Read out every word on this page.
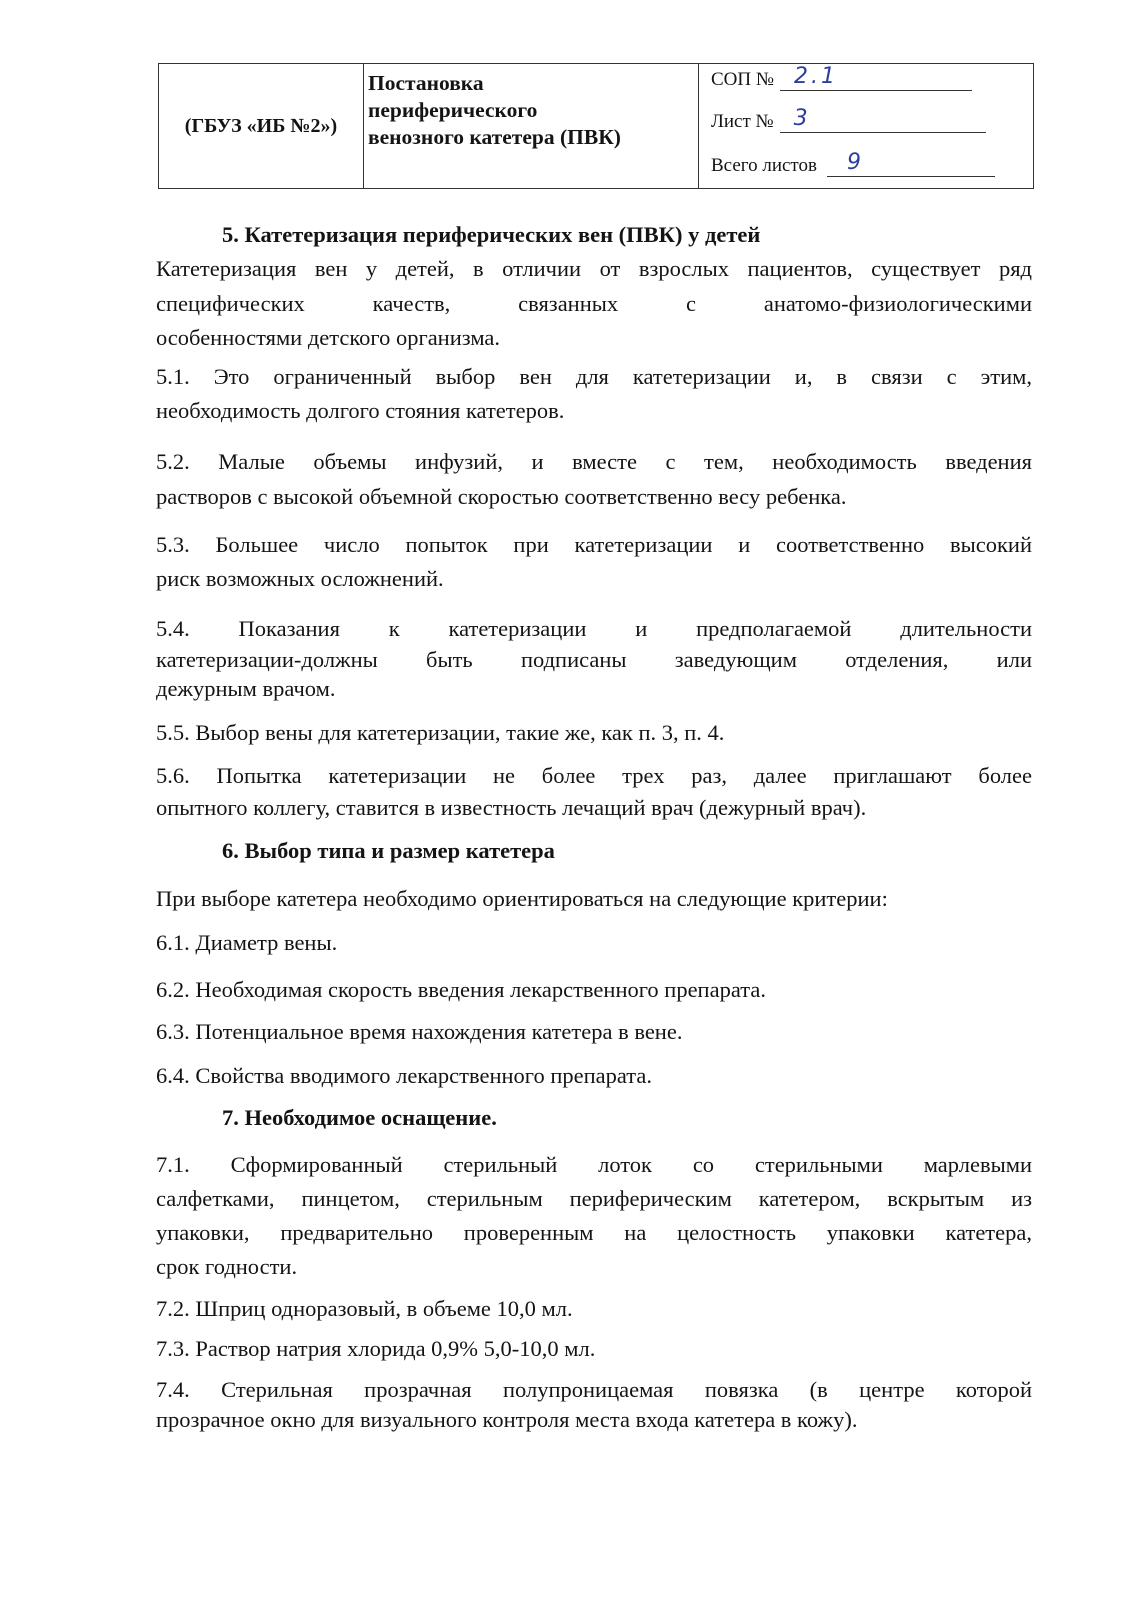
(ГБУЗ «ИБ №2»)
Постановка
периферического
венозного катетера (ПВК)
СОП № 2.1
Лист № 3
Всего листов 9
5. Катетеризация периферических вен (ПВК) у детей
Катетеризация вен у детей, в отличии от взрослых пациентов, существует ряд
специфических качеств, связанных с анатомо-физиологическими
особенностями детского организма.
5.1. Это ограниченный выбор вен для катетеризации и, в связи с этим,
необходимость долгого стояния катетеров.
5.2. Малые объемы инфузий, и вместе с тем, необходимость введения
растворов с высокой объемной скоростью соответственно весу ребенка.
5.3. Большее число попыток при катетеризации и соответственно высокий
риск возможных осложнений.
5.4. Показания к катетеризации и предполагаемой длительности
катетеризации-должны быть подписаны заведующим отделения, или
дежурным врачом.
5.5. Выбор вены для катетеризации, такие же, как п. 3, п. 4.
5.6. Попытка катетеризации не более трех раз, далее приглашают более
опытного коллегу, ставится в известность лечащий врач (дежурный врач).
6. Выбор типа и размер катетера
При выборе катетера необходимо ориентироваться на следующие критерии:
6.1. Диаметр вены.
6.2. Необходимая скорость введения лекарственного препарата.
6.3. Потенциальное время нахождения катетера в вене.
6.4. Свойства вводимого лекарственного препарата.
7. Необходимое оснащение.
7.1. Сформированный стерильный лоток со стерильными марлевыми
салфетками, пинцетом, стерильным периферическим катетером, вскрытым из
упаковки, предварительно проверенным на целостность упаковки катетера,
срок годности.
7.2. Шприц одноразовый, в объеме 10,0 мл.
7.3. Раствор натрия хлорида 0,9% 5,0-10,0 мл.
7.4. Стерильная прозрачная полупроницаемая повязка (в центре которой
прозрачное окно для визуального контроля места входа катетера в кожу).
